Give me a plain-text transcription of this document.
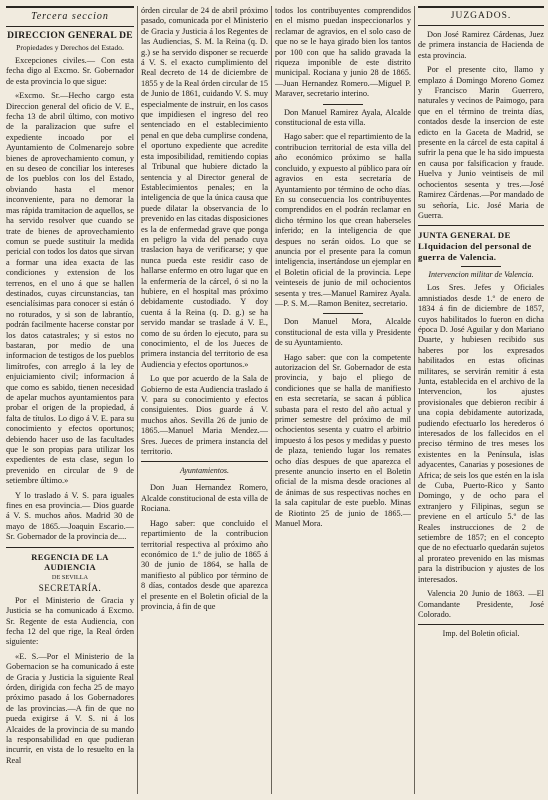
Tercera seccion
DIRECCION GENERAL DE
Propiedades y Derechos del Estado.

Excepciones civiles.— Con esta fecha digo al Excmo. Sr. Gobernador de esta provincia lo que sigue:

«Excmo. Sr.—Hecho cargo esta Direccion general del oficio de V. E., fecha 13 de abril último, con motivo de la paralizacion que sufre el expediente incoado por el Ayuntamiento de Colmenarejo sobre bienes de aprovechamiento comun, y en su deseo de conciliar los intereses de los pueblos con los del Estado, obviando hasta el menor inconveniente, para no demorar la mas rápida tramitacion de aquellos, se ha servido resolver que cuando se trate de bienes de aprovechamiento comun se puede sustituir la medida pericial con todos los datos que sirvan a formar una idea exacta de las condiciones y extension de los terrenos, en el uno á que se hallen destinados, cuyas circunstancias, tan esencialísimas para conocer si están ó no roturados, y si son de labrantío, podrán facilmente hacerse constar por los datos catastrales; y si estos no bastaran, por medio de una informacion de testigos de los pueblos limítrofes, con arreglo á la ley de enjuiciamiento civil; informacion á que como es sabido, tienen necesidad de apelar muchos ayuntamientos para probar el origen de la propiedad, á falta de títulos. Lo digo á V. E. para su conocimiento y efectos oportunos; debiendo hacer uso de las facultades que le son propias para utilizar los expedientes de esta clase, segun lo prevenido en circular de 9 de setiembre último.»

Y lo traslado á V. S. para iguales fines en esa provincia.— Dios guarde á V. S. muchos años. Madrid 30 de mayo de 1865.—Joaquin Escario.—Sr. Gobernador de la provincia de....

REGENCIA DE LA AUDIENCIA
DE SEVILLA
SECRETARÍA.

Por el Ministerio de Gracia y Justicia se ha comunicado á Excmo. Sr. Regente de esta Audiencia, con fecha 12 del que rige, la Real órden siguiente:

«E. S.—Por el Ministerio de la Gobernacion se ha comunicado á este de Gracia y Justicia la siguiente Real órden, dirigida con fecha 25 de mayo próximo pasado á los Gobernadores de las provincias.—A fin de que no pueda exigirse á V. S. ni á los Alcaides de la provincia de su mando la responsabilidad en que pudieran incurrir, en vista de lo resuelto en la Real

órden circular de 24 de abril próximo pasado, comunicada por el Ministerio de Gracia y Justicia á los Regentes de las Audiencias, S. M. la Reina (q. D. g.) se ha servido disponer se recuerde á V. S. el exacto cumplimiento del Real decreto de 14 de diciembre de 1855 y de la Real órden circular de 15 de Junio de 1861, cuidando V. S. muy especialmente de instruir, en los casos que impidiesen el ingreso del reo sentenciado en el establecimiento penal en que deba cumplirse condena, el oportuno expediente que acredite esta imposibilidad, remitiendo copias al Tribunal que hubiere dictado la sentencia y al Director general de Establecimientos penales; en la inteligencia de que la única causa que puede dilatar la observancia de lo prevenido en las citadas disposiciones es la de enfermedad grave que ponga en peligro la vida del penado cuya traslacion haya de verificarse; y que nunca pueda este residir caso de hallarse enfermo en otro lugar que en la enfermería de la cárcel, ó si no la hubiere, en el hospital mas próximo debidamente custodiado. Y doy cuenta á la Reina (q. D. g.) se ha servido mandar se traslade á V. E., como de su órden lo ejecuto, para su conocimiento, el de los Jueces de primera instancia del territorio de esa Audiencia y efectos oportunos.»

Lo que por acuerdo de la Sala de Gobierno de esta Audiencia traslado á V. para su conocimiento y efectos consiguientes. Dios guarde á V. muchos años. Sevilla 26 de junio de 1865.—Manuel Maria Mendez.—Sres. Jueces de primera instancia del territorio.

Ayuntamientos.

Don Juan Hernandez Romero, Alcalde constitucional de esta villa de Rociana.

Hago saber: que concluido el repartimiento de la contribucion territorial respectiva al próximo año económico de 1.º de julio de 1865 á 30 de junio de 1864, se halla de manifiesto al público por término de 8 días, contados desde que aparezca el presente en el Boletin oficial de la provincia, á fin de que

todos los contribuyentes comprendidos en el mismo puedan inspeccionarlos y reclamar de agravios, en el solo caso de que no se le haya girado bien los tantos por 100 con que ha salido gravada la riqueza imponible de este distrito municipal. Rociana y junio 28 de 1865.—Juan Hernandez Romero.—Miguel P. Maraver, secretario interino.

Don Manuel Ramirez Ayala, Alcalde constitucional de esta villa.

Hago saber: que el repartimiento de la contribucion territorial de esta villa del año económico próximo se halla concluido, y expuesto al público para oír agravios en esta secretaría de Ayuntamiento por término de ocho días. En su consecuencia los contribuyentes comprendidos en el podrán reclamar en dicho término los que crean haberseles inferido; en la inteligencia de que despues no serán oidos. Lo que se anuncia por el presente para la comun inteligencia, insertándose un ejemplar en el Boletin oficial de la provincia. Lepe veinteseis de junio de mil ochocientos sesenta y tres.—Manuel Ramirez Ayala.—P. S. M.—Ramon Benitez, secretario.

Don Manuel Mora, Alcalde constitucional de esta villa y Presidente de su Ayuntamiento.

Hago saber: que con la competente autorizacion del Sr. Gobernador de esta provincia, y bajo el pliego de condiciones que se halla de manifiesto en esta secretaría, se sacan á pública subasta para el resto del año actual y primer semestre del próximo de mil ochocientos sesenta y cuatro el arbitrio impuesto á los pesos y medidas y puesto de plaza, teniendo lugar los remates ocho días despues de que aparezca el presente anuncio inserto en el Boletin oficial de la misma desde oraciones al de ánimas de sus respectivas noches en la sala capitular de este pueblo. Minas de Riotinto 25 de junio de 1865.—Manuel Mora.

JUZGADOS.

Don José Ramirez Cárdenas, Juez de primera instancia de Hacienda de esta provincia.

Por el presente cito, llamo y emplazo á Domingo Moreno Gomez y Francisco Marin Guerrero, naturales y vecinos de Paimogo, para que en el término de treinta días, contados desde la insercion de este edicto en la Gaceta de Madrid, se presente en la cárcel de esta capital á sufrir la pena que le ha sido impuesta en causa por falsificacion y fraude. Huelva y Junio veintiseis de mil ochocientos sesenta y tres.—José Ramirez Cárdenas.—Por mandado de su señoría, Lic. José Maria de Guerra.

JUNTA GENERAL DE LIquidacion del personal de guerra de Valencia.
Intervencion militar de Valencia.

Los Sres. Jefes y Oficiales amnistiados desde 1.º de enero de 1834 á fin de diciembre de 1857, cuyos habilitados lo fueron en dicha época D. José Aguilar y don Mariano Duarte, y hubiesen recibido sus haberes por los expresados habilitados en estas oficinas militares, se servirán remitir á esta Junta, establecida en el archivo de la Intervencion, los ajustes provisionales que debieron recibir á una copia debidamente autorizada, pudiendo efectuarlo los herederos ó interesados de los fallecidos en el preciso término de tres meses los existentes en la Península, islas adyacentes, Canarias y posesiones de Africa; de seis los que estén en la isla de Cuba, Puerto-Rico y Santo Domingo, y de ocho para el extranjero y Filipinas, segun se previene en el artículo 5.º de las Reales instrucciones de 2 de setiembre de 1857; en el concepto que de no efectuarlo quedarán sujetos al prorateo prevenido en las mismas para la distribucion y ajustes de los interesados.

Valencia 20 Junio de 1863. —El Comandante Presidente, José Colorado.

Imp. del Boletin oficial.
